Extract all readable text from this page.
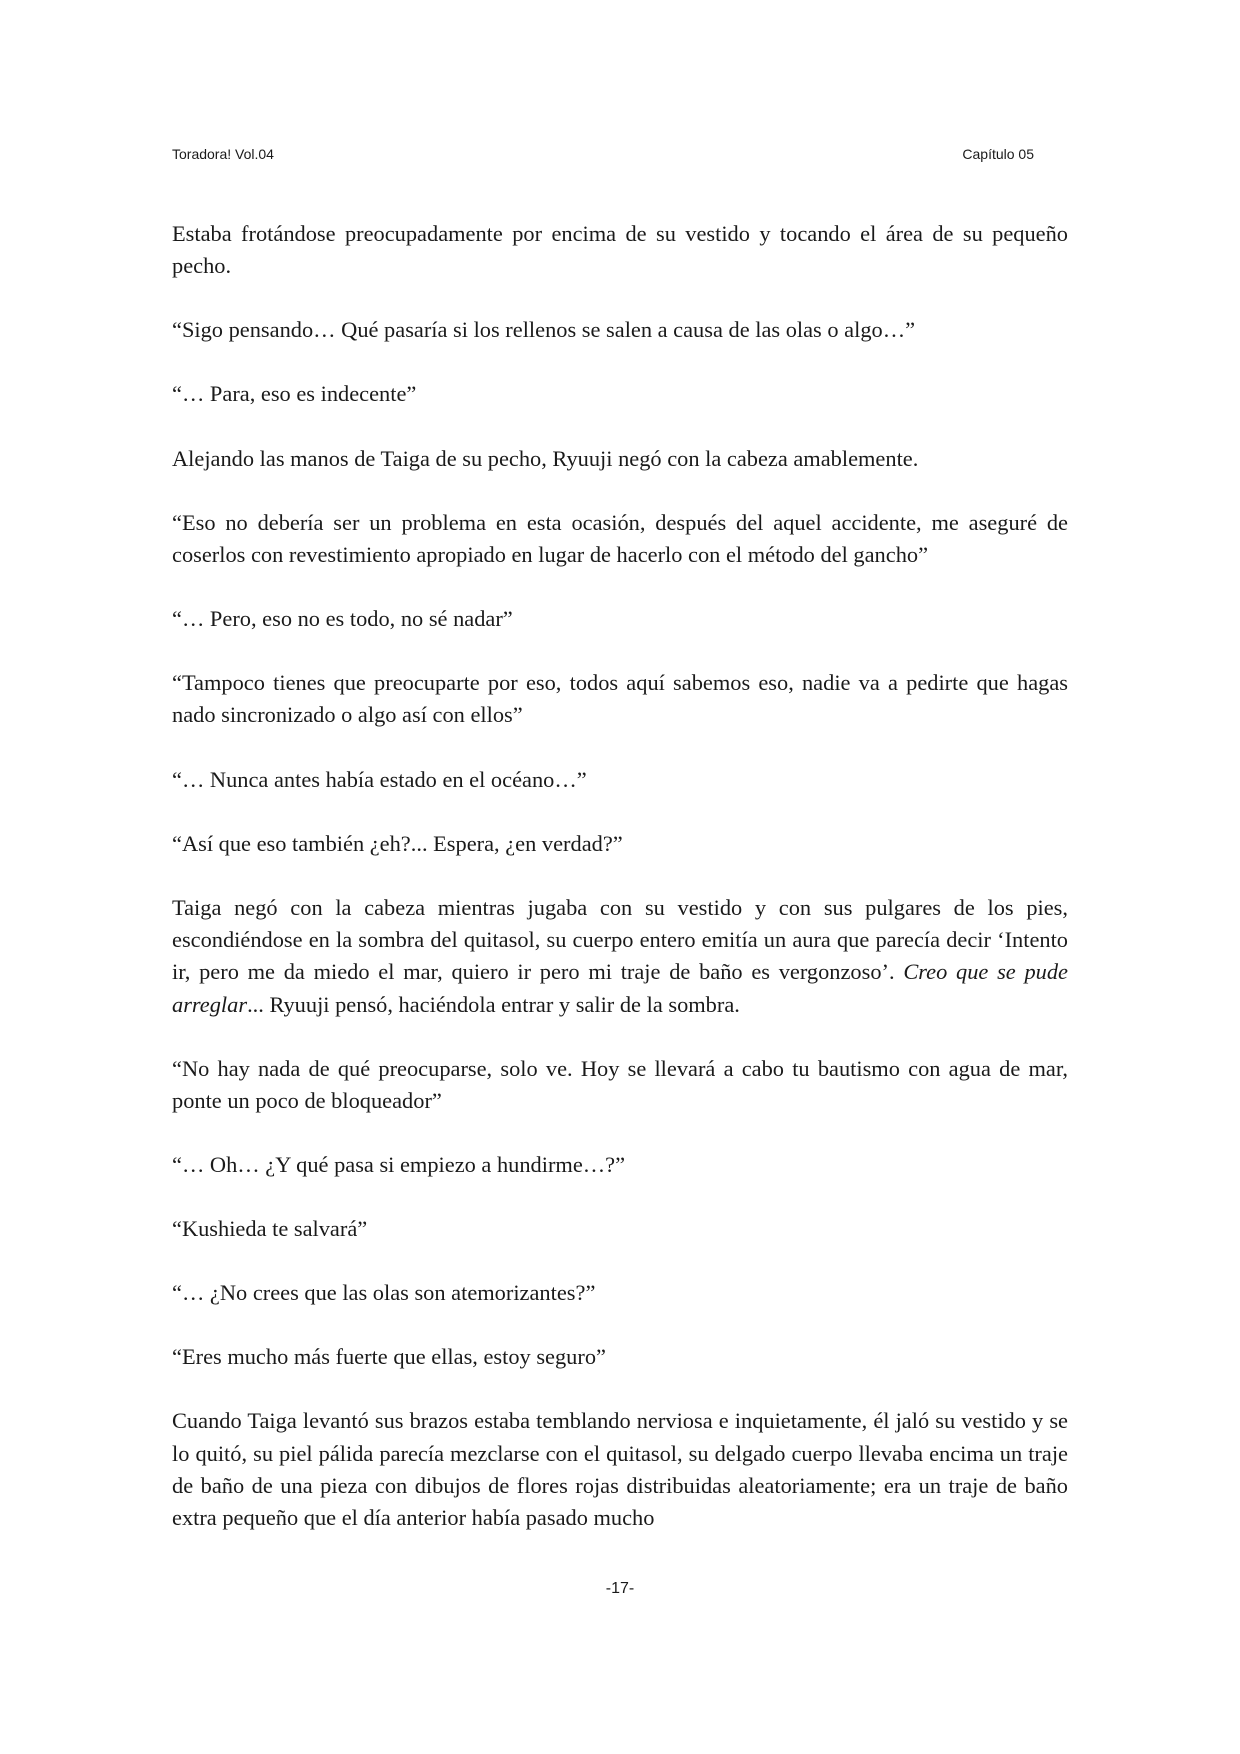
Toradora! Vol.04	Capítulo 05

Estaba frotándose preocupadamente por encima de su vestido y tocando el área de su pequeño pecho.

“Sigo pensando… Qué pasaría si los rellenos se salen a causa de las olas o algo…”

“… Para, eso es indecente”

Alejando las manos de Taiga de su pecho, Ryuuji negó con la cabeza amablemente.

“Eso no debería ser un problema en esta ocasión, después del aquel accidente, me aseguré de coserlos con revestimiento apropiado en lugar de hacerlo con el método del gancho”

“… Pero, eso no es todo, no sé nadar”

“Tampoco tienes que preocuparte por eso, todos aquí sabemos eso, nadie va a pedirte que hagas nado sincronizado o algo así con ellos”

“… Nunca antes había estado en el océano…”

“Así que eso también ¿eh?... Espera, ¿en verdad?”

Taiga negó con la cabeza mientras jugaba con su vestido y con sus pulgares de los pies, escondiéndose en la sombra del quitasol, su cuerpo entero emitía un aura que parecía decir ‘Intento ir, pero me da miedo el mar, quiero ir pero mi traje de baño es vergonzoso’. Creo que se pude arreglar... Ryuuji pensó, haciéndola entrar y salir de la sombra.

“No hay nada de qué preocuparse, solo ve. Hoy se llevará a cabo tu bautismo con agua de mar, ponte un poco de bloqueador”

“… Oh… ¿Y qué pasa si empiezo a hundirme…?”

“Kushieda te salvará”

“… ¿No crees que las olas son atemorizantes?”

“Eres mucho más fuerte que ellas, estoy seguro”

Cuando Taiga levantó sus brazos estaba temblando nerviosa e inquietamente, él jaló su vestido y se lo quitó, su piel pálida parecía mezclarse con el quitasol, su delgado cuerpo llevaba encima un traje de baño de una pieza con dibujos de flores rojas distribuidas aleatoriamente; era un traje de baño extra pequeño que el día anterior había pasado mucho

-17-
